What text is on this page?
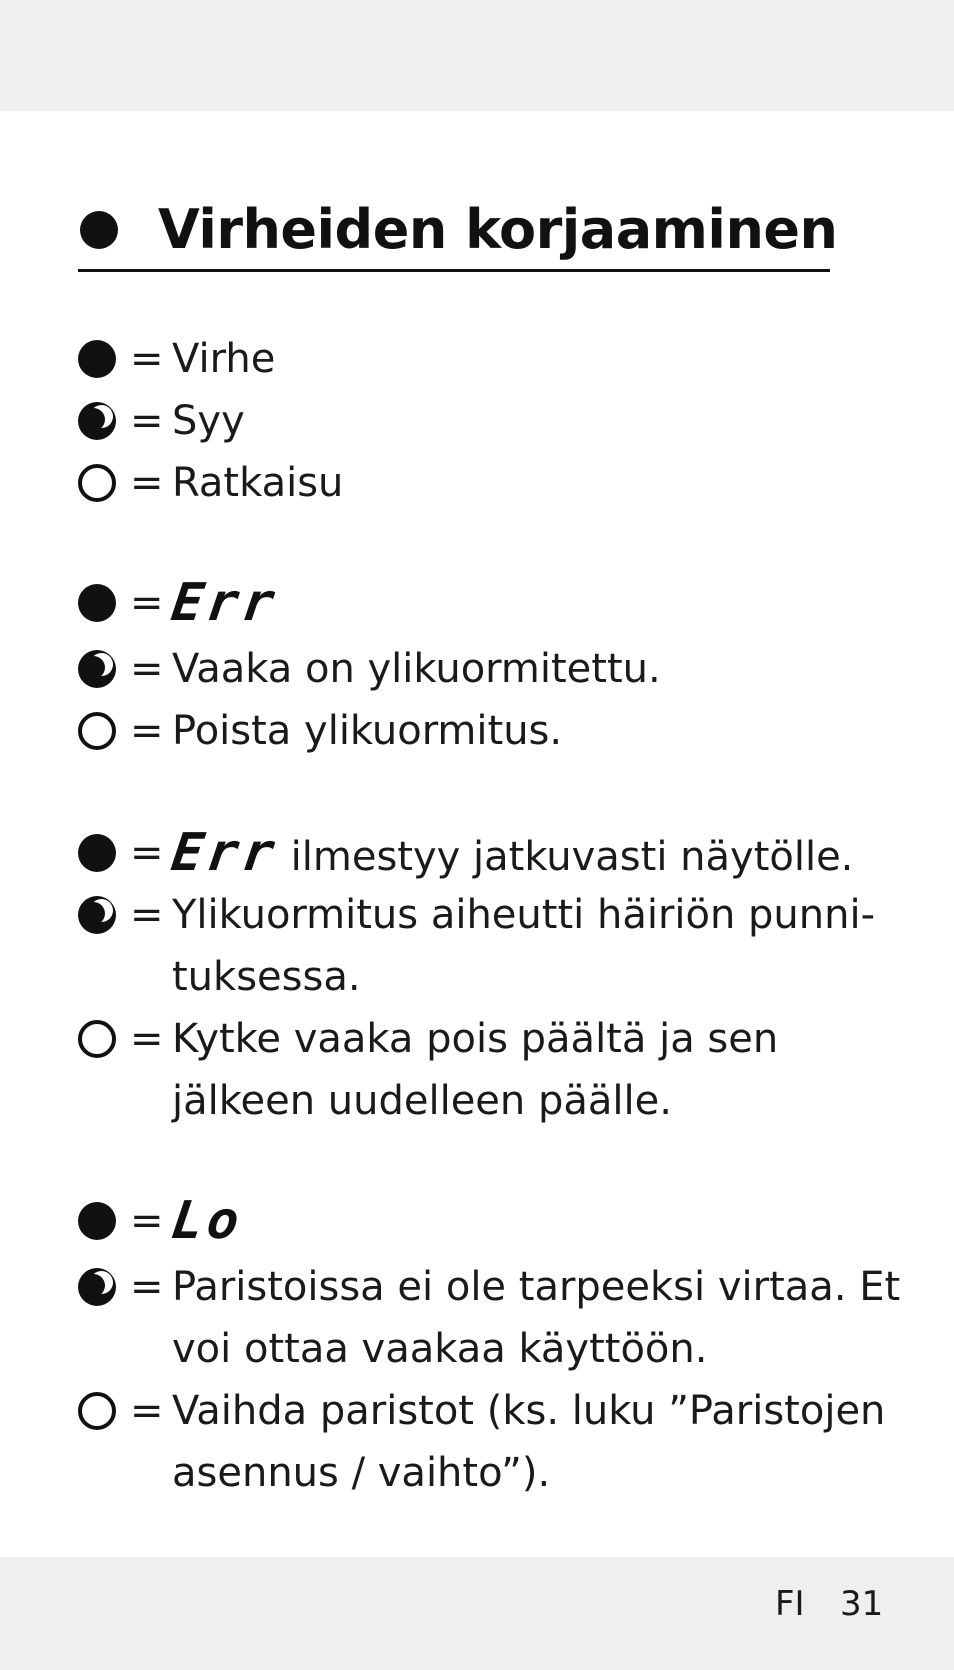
Virheiden korjaaminen
= Virhe
= Syy
= Ratkaisu
= Err
= Vaaka on ylikuormitettu.
= Poista ylikuormitus.
= Err ilmestyy jatkuvasti näytölle.
= Ylikuormitus aiheutti häiriön punni-
tuksessa.
= Kytke vaaka pois päältä ja sen
jälkeen uudelleen päälle.
= Lo
= Paristoissa ei ole tarpeeksi virtaa. Et
voi ottaa vaakaa käyttöön.
= Vaihda paristot (ks. luku ”Paristojen
asennus / vaihto”).
FI 31
